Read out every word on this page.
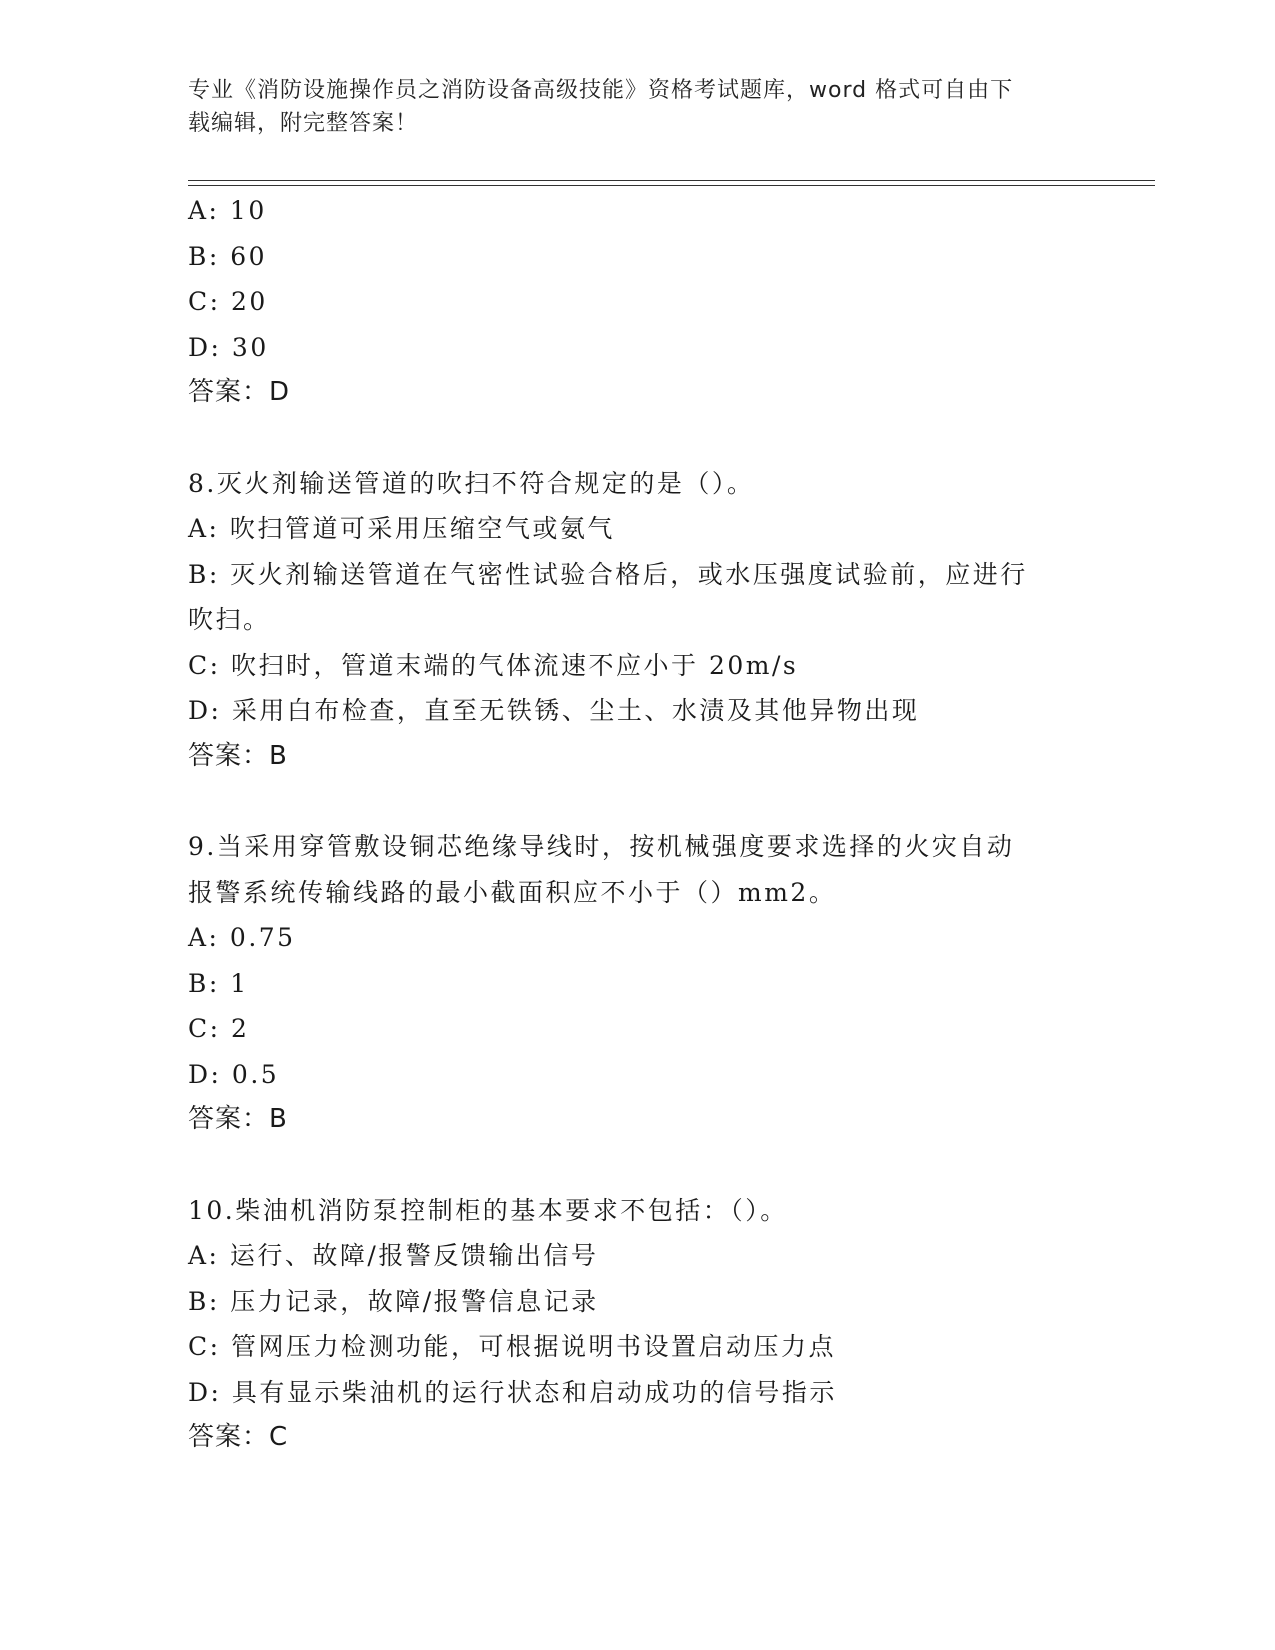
专业《消防设施操作员之消防设备高级技能》资格考试题库，word 格式可自由下
载编辑，附完整答案！
A: 10
B: 60
C: 20
D: 30
答案：D
8.灭火剂输送管道的吹扫不符合规定的是（）。
A: 吹扫管道可采用压缩空气或氨气
B: 灭火剂输送管道在气密性试验合格后，或水压强度试验前，应进行
吹扫。
C: 吹扫时，管道末端的气体流速不应小于 20m/s
D: 采用白布检查，直至无铁锈、尘土、水渍及其他异物出现
答案：B
9.当采用穿管敷设铜芯绝缘导线时，按机械强度要求选择的火灾自动
报警系统传输线路的最小截面积应不小于（）mm2。
A: 0.75
B: 1
C: 2
D: 0.5
答案：B
10.柴油机消防泵控制柜的基本要求不包括：（）。
A: 运行、故障/报警反馈输出信号
B: 压力记录，故障/报警信息记录
C: 管网压力检测功能，可根据说明书设置启动压力点
D: 具有显示柴油机的运行状态和启动成功的信号指示
答案：C
